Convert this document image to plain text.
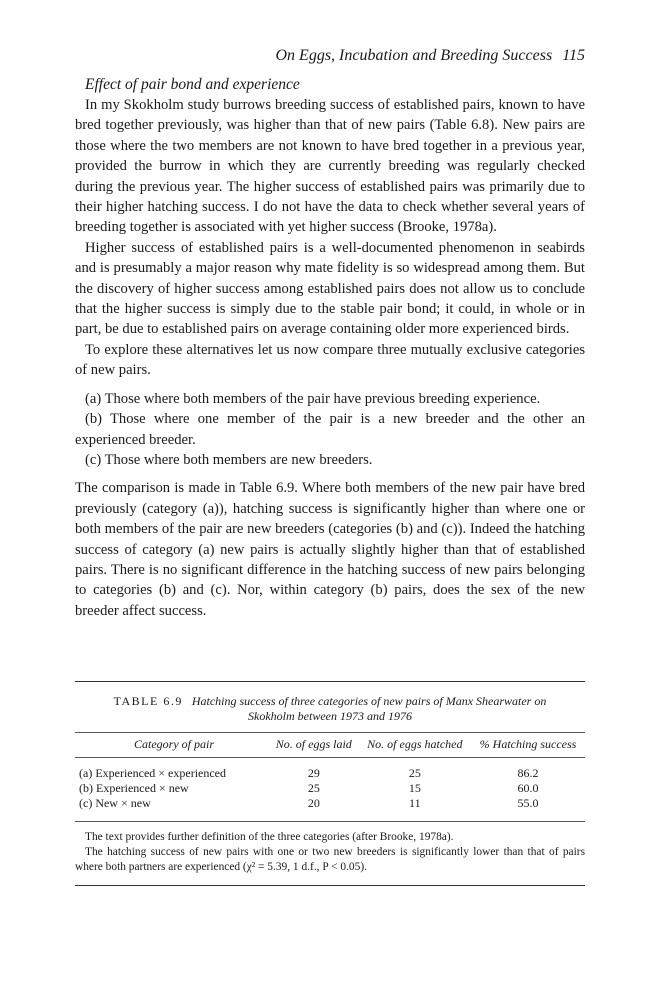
On Eggs, Incubation and Breeding Success 115
Effect of pair bond and experience

In my Skokholm study burrows breeding success of established pairs, known to have bred together previously, was higher than that of new pairs (Table 6.8). New pairs are those where the two members are not known to have bred together in a previous year, provided the burrow in which they are currently breeding was regularly checked during the previous year. The higher success of established pairs was primarily due to their higher hatching success. I do not have the data to check whether several years of breeding together is associated with yet higher success (Brooke, 1978a).

Higher success of established pairs is a well-documented phenomenon in seabirds and is presumably a major reason why mate fidelity is so widespread among them. But the discovery of higher success among established pairs does not allow us to conclude that the higher success is simply due to the stable pair bond; it could, in whole or in part, be due to established pairs on average containing older more experienced birds.

To explore these alternatives let us now compare three mutually exclusive categories of new pairs.

(a) Those where both members of the pair have previous breeding experience.

(b) Those where one member of the pair is a new breeder and the other an experienced breeder.

(c) Those where both members are new breeders.

The comparison is made in Table 6.9. Where both members of the new pair have bred previously (category (a)), hatching success is significantly higher than where one or both members of the pair are new breeders (categories (b) and (c)). Indeed the hatching success of category (a) new pairs is actually slightly higher than that of established pairs. There is no significant difference in the hatching success of new pairs belonging to categories (b) and (c). Nor, within category (b) pairs, does the sex of the new breeder affect success.

TABLE 6.9 Hatching success of three categories of new pairs of Manx Shearwater on
Skokholm between 1973 and 1976
Category of pair	No. of eggs laid	No. of eggs hatched	% Hatching success
(a) Experienced × experienced	29	25	86.2
(b) Experienced × new	25	15	60.0
(c) New × new	20	11	55.0
The text provides further definition of the three categories (after Brooke, 1978a).
The hatching success of new pairs with one or two new breeders is significantly lower than that of pairs where both partners are experienced (χ² = 5.39, 1 d.f., P < 0.05).
